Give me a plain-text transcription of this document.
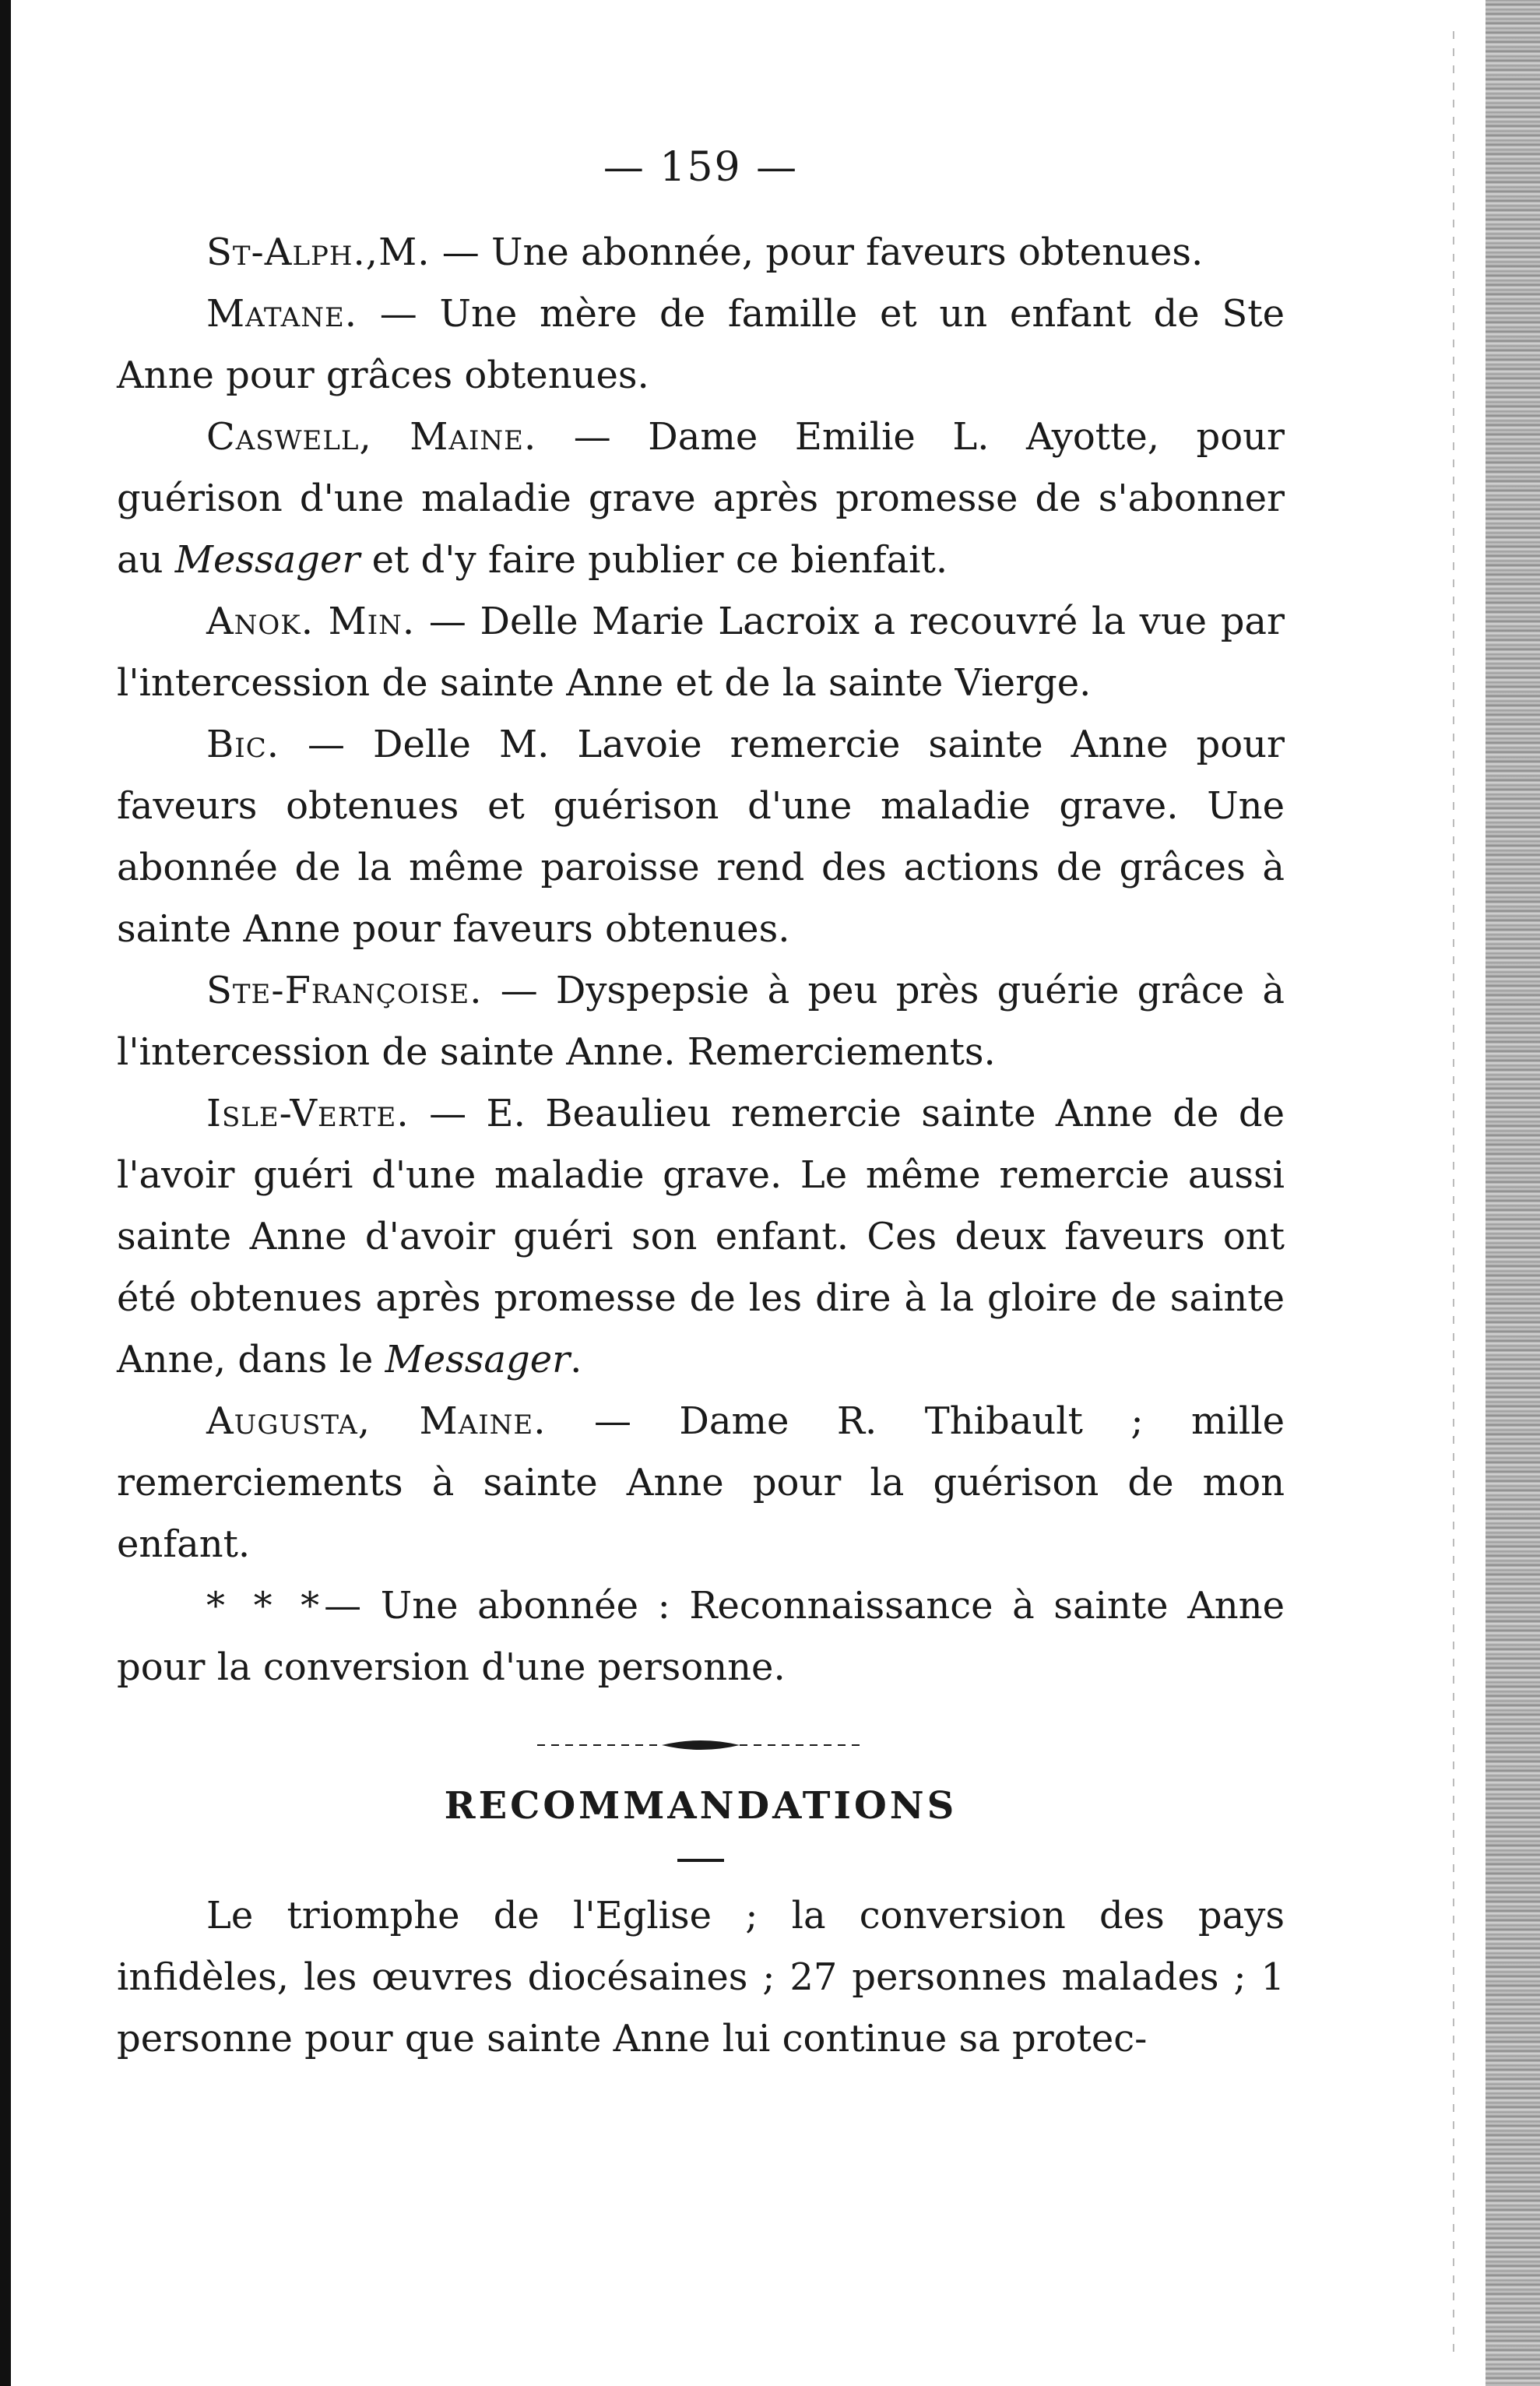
— 159 —

St-Alph.,M. — Une abonnée, pour faveurs obtenues.

Matane. — Une mère de famille et un enfant de Ste Anne pour grâces obtenues.

Caswell, Maine. — Dame Emilie L. Ayotte, pour guérison d'une maladie grave après promesse de s'abonner au Messager et d'y faire publier ce bienfait.

Anok. Min. — Delle Marie Lacroix a recouvré la vue par l'intercession de sainte Anne et de la sainte Vierge.

Bic. — Delle M. Lavoie remercie sainte Anne pour faveurs obtenues et guérison d'une maladie grave. Une abonnée de la même paroisse rend des actions de grâces à sainte Anne pour faveurs obtenues.

Ste-Françoise. — Dyspepsie à peu près guérie grâce à l'intercession de sainte Anne. Remerciements.

Isle-Verte. — E. Beaulieu remercie sainte Anne de de l'avoir guéri d'une maladie grave. Le même remercie aussi sainte Anne d'avoir guéri son enfant. Ces deux faveurs ont été obtenues après promesse de les dire à la gloire de sainte Anne, dans le Messager.

Augusta, Maine. — Dame R. Thibault ; mille remerciements à sainte Anne pour la guérison de mon enfant.

* * *— Une abonnée : Reconnaissance à sainte Anne pour la conversion d'une personne.

RECOMMANDATIONS

Le triomphe de l'Eglise ; la conversion des pays infidèles, les œuvres diocésaines ; 27 personnes malades ; 1 personne pour que sainte Anne lui continue sa protec-
